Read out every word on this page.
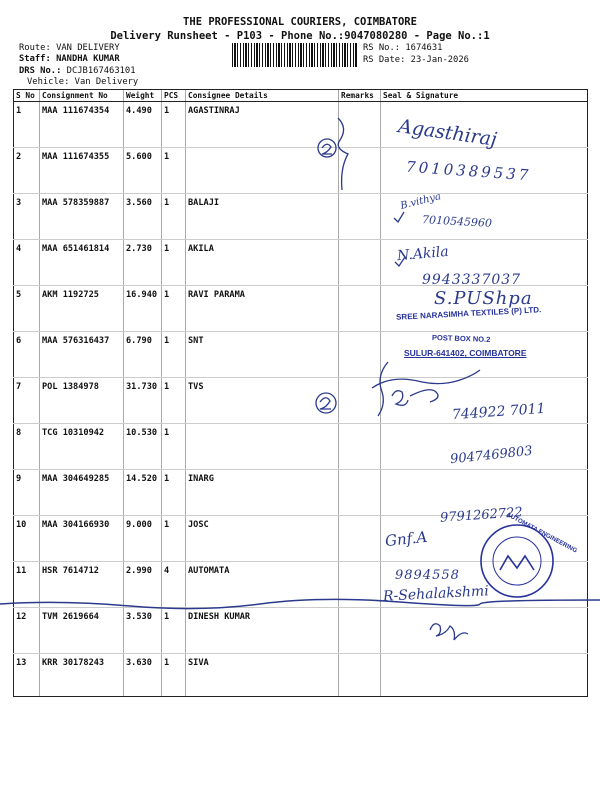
THE PROFESSIONAL COURIERS, COIMBATORE
Delivery Runsheet - P103 - Phone No.:9047080280 - Page No.:1
Route: VAN DELIVERY
Staff: NANDHA KUMAR
DRS No.: DCJB167463101
Vehicle: Van Delivery
RS No.: 1674631
RS Date: 23-Jan-2026
S No	Consignment No	Weight	PCS	Consignee Details	Remarks	Seal & Signature
1	MAA 111674354	4.490	1	AGASTINRAJ		
2	MAA 111674355	5.600	1			
3	MAA 578359887	3.560	1	BALAJI		
4	MAA 651461814	2.730	1	AKILA		
5	AKM 1192725	16.940	1	RAVI PARAMA		
6	MAA 576316437	6.790	1	SNT		
7	POL 1384978	31.730	1	TVS		
8	TCG 10310942	10.530	1			
9	MAA 304649285	14.520	1	INARG		
10	MAA 304166930	9.000	1	JOSC		
11	HSR 7614712	2.990	4	AUTOMATA		
12	TVM 2619664	3.530	1	DINESH KUMAR		
13	KRR 30178243	3.630	1	SIVA		
AUTOMATA ENGINEERING
Agasthiraj
7010389537
B.vithya
7010545960
N.Akila
9943337037
S.PUShpa
744922 7011
9047469803
9791262722
Gnf.A
9894558
R-Sehalakshmi
SREE NARASIMHA TEXTILES (P) LTD.
POST BOX NO.2
SULUR-641402, COIMBATORE
